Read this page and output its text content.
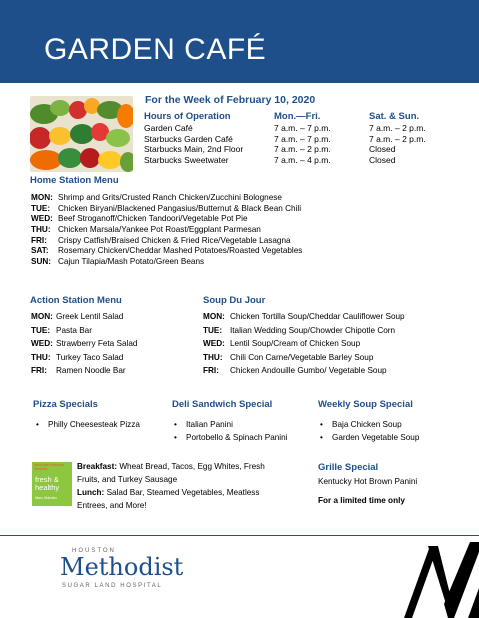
GARDEN CAFÉ
For the Week of February 10, 2020
Hours of Operation	Mon.—Fri.	Sat. & Sun.
Garden Café	7 a.m. – 7 p.m.	7 a.m. – 2 p.m.
Starbucks Garden Café	7 a.m. – 7 p.m.	7 a.m. – 2 p.m.
Starbucks Main, 2nd Floor	7 a.m. – 2 p.m.	Closed
Starbucks Sweetwater	7 a.m. – 4 p.m.	Closed
Home Station Menu
MON: Shrimp and Grits/Crusted Ranch Chicken/Zucchini Bolognese
TUE: Chicken Biryani/Blackened Pangasius/Butternut & Black Bean Chili
WED: Beef Stroganoff/Chicken Tandoori/Vegetable Pot Pie
THU: Chicken Marsala/Yankee Pot Roast/Eggplant Parmesan
FRI:	Crispy Catfish/Braised Chicken & Fried Rice/Vegetable Lasagna
SAT:	Rosemary Chicken/Cheddar Mashed Potatoes/Roasted Vegetables
SUN: Cajun Tilapia/Mash Potato/Green Beans
Action Station Menu
MON: Greek Lentil Salad
TUE: Pasta Bar
WED: Strawberry Feta Salad
THU: Turkey Taco Salad
FRI:	Ramen Noodle Bar
Soup Du Jour
MON: Chicken Tortilla Soup/Cheddar Cauliflower Soup
TUE: Italian Wedding Soup/Chowder Chipotle Corn
WED: Lentil Soup/Cream of Chicken Soup
THU: Chili Con Carne/Vegetable Barley Soup
FRI:	Chicken Andouille Gumbo/ Vegetable Soup
Pizza Specials
• Philly Cheesesteak Pizza
Deli Sandwich Special
• Italian Panini
• Portobello & Spinach Panini
Weekly Soup Special
• Baja Chicken Soup
• Garden Vegetable Soup
Methodist Wellness Services
fresh & healthy
Menu Selection
Breakfast: Wheat Bread, Tacos, Egg Whites, Fresh Fruits, and Turkey Sausage
Lunch: Salad Bar, Steamed Vegetables, Meatless Entrees, and More!
Grille Special
Kentucky Hot Brown Panini
For a limited time only
HOUSTON
Methodist
SUGAR LAND HOSPITAL
